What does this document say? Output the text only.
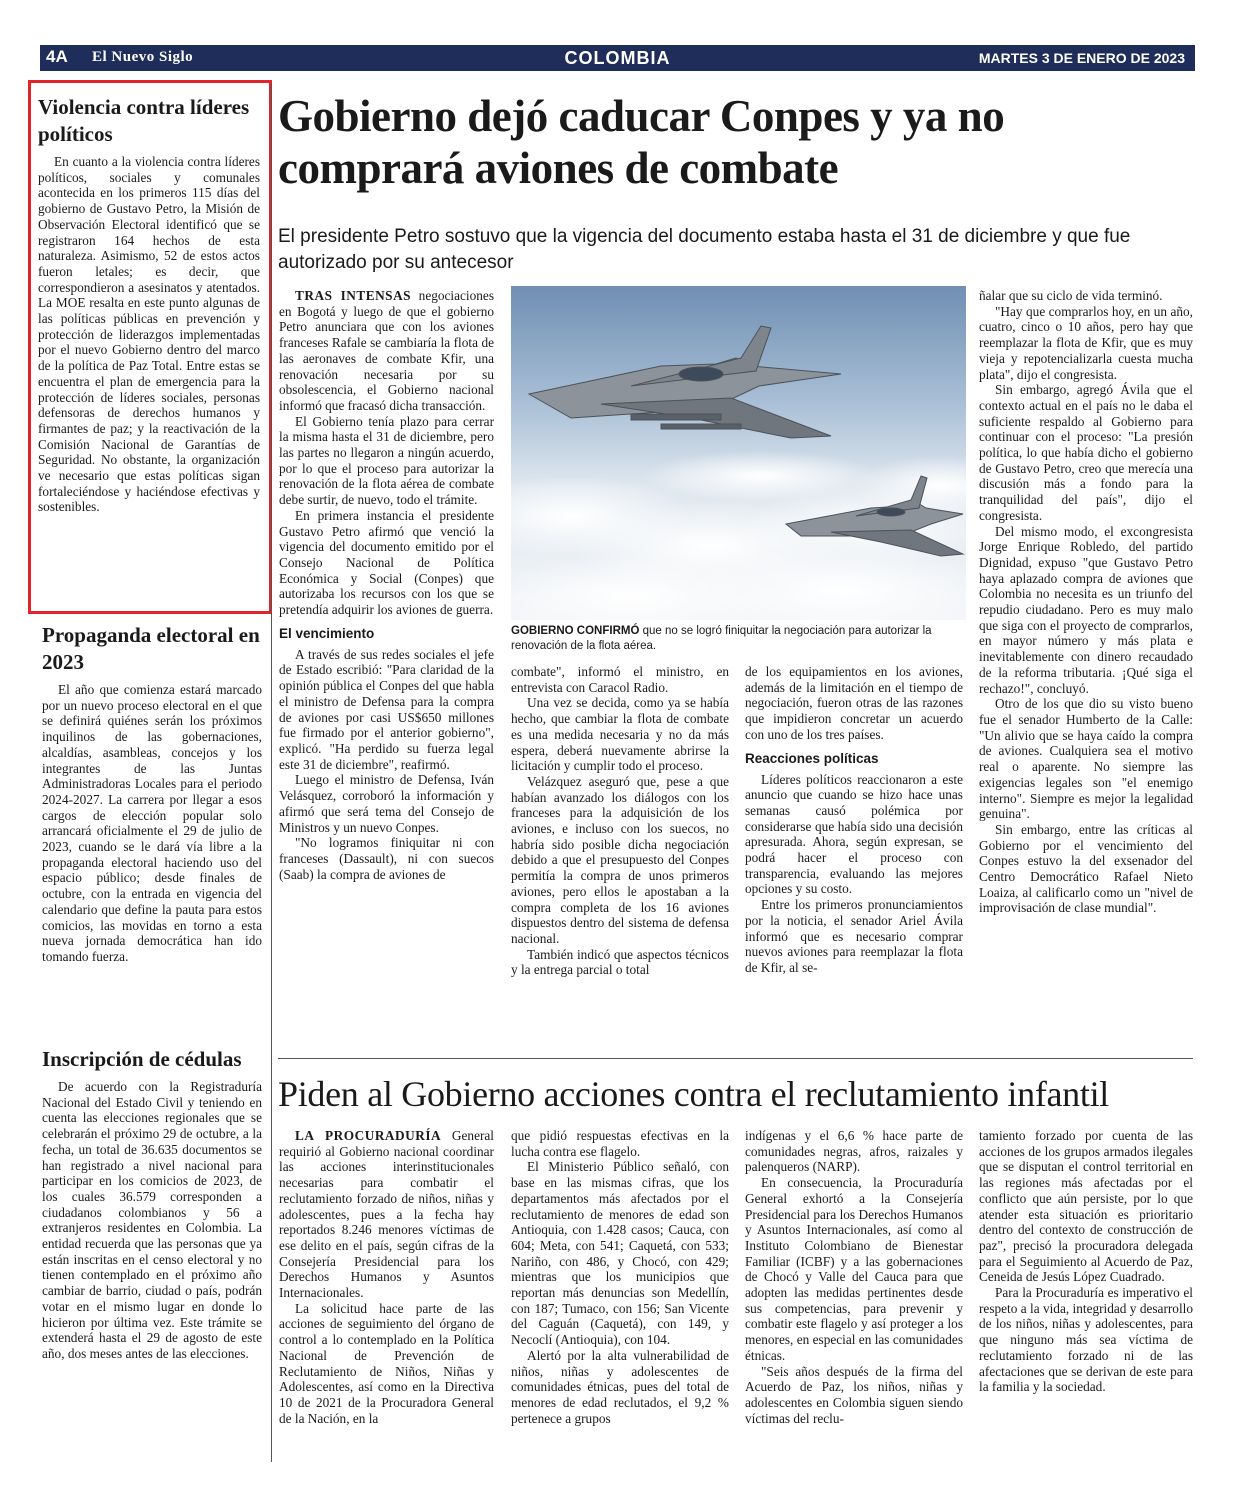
4A El Nuevo Siglo	COLOMBIA	MARTES 3 DE ENERO DE 2023
Violencia contra líderes políticos

En cuanto a la violencia contra líderes políticos, sociales y comunales acontecida en los primeros 115 días del gobierno de Gustavo Petro, la Misión de Observación Electoral identificó que se registraron 164 hechos de esta naturaleza. Asimismo, 52 de estos actos fueron letales; es decir, que correspondieron a asesinatos y atentados. La MOE resalta en este punto algunas de las políticas públicas en prevención y protección de liderazgos implementadas por el nuevo Gobierno dentro del marco de la política de Paz Total. Entre estas se encuentra el plan de emergencia para la protección de líderes sociales, personas defensoras de derechos humanos y firmantes de paz; y la reactivación de la Comisión Nacional de Garantías de Seguridad. No obstante, la organización ve necesario que estas políticas sigan fortaleciéndose y haciéndose efectivas y sostenibles.

Propaganda electoral en 2023

El año que comienza estará marcado por un nuevo proceso electoral en el que se definirá quiénes serán los próximos inquilinos de las gobernaciones, alcaldías, asambleas, concejos y los integrantes de las Juntas Administradoras Locales para el periodo 2024-2027. La carrera por llegar a esos cargos de elección popular solo arrancará oficialmente el 29 de julio de 2023, cuando se le dará vía libre a la propaganda electoral haciendo uso del espacio público; desde finales de octubre, con la entrada en vigencia del calendario que define la pauta para estos comicios, las movidas en torno a esta nueva jornada democrática han ido tomando fuerza.

Inscripción de cédulas

De acuerdo con la Registraduría Nacional del Estado Civil y teniendo en cuenta las elecciones regionales que se celebrarán el próximo 29 de octubre, a la fecha, un total de 36.635 documentos se han registrado a nivel nacional para participar en los comicios de 2023, de los cuales 36.579 corresponden a ciudadanos colombianos y 56 a extranjeros residentes en Colombia. La entidad recuerda que las personas que ya están inscritas en el censo electoral y no tienen contemplado en el próximo año cambiar de barrio, ciudad o país, podrán votar en el mismo lugar en donde lo hicieron por última vez. Este trámite se extenderá hasta el 29 de agosto de este año, dos meses antes de las elecciones.

Gobierno dejó caducar Conpes y ya no comprará aviones de combate
El presidente Petro sostuvo que la vigencia del documento estaba hasta el 31 de diciembre y que fue autorizado por su antecesor
GOBIERNO CONFIRMÓ que no se logró finiquitar la negociación para autorizar la renovación de la flota aérea.

TRAS INTENSAS negociaciones en Bogotá y luego de que el gobierno Petro anunciara que con los aviones franceses Rafale se cambiaría la flota de las aeronaves de combate Kfir, una renovación necesaria por su obsolescencia, el Gobierno nacional informó que fracasó dicha transacción.

El Gobierno tenía plazo para cerrar la misma hasta el 31 de diciembre, pero las partes no llegaron a ningún acuerdo, por lo que el proceso para autorizar la renovación de la flota aérea de combate debe surtir, de nuevo, todo el trámite.

En primera instancia el presidente Gustavo Petro afirmó que venció la vigencia del documento emitido por el Consejo Nacional de Política Económica y Social (Conpes) que autorizaba los recursos con los que se pretendía adquirir los aviones de guerra.

El vencimiento

A través de sus redes sociales el jefe de Estado escribió: "Para claridad de la opinión pública el Conpes del que habla el ministro de Defensa para la compra de aviones por casi US$650 millones fue firmado por el anterior gobierno", explicó. "Ha perdido su fuerza legal este 31 de diciembre", reafirmó.

Luego el ministro de Defensa, Iván Velásquez, corroboró la información y afirmó que será tema del Consejo de Ministros y un nuevo Conpes.

"No logramos finiquitar ni con franceses (Dassault), ni con suecos (Saab) la compra de aviones de

combate", informó el ministro, en entrevista con Caracol Radio.

Una vez se decida, como ya se había hecho, que cambiar la flota de combate es una medida necesaria y no da más espera, deberá nuevamente abrirse la licitación y cumplir todo el proceso.

Velázquez aseguró que, pese a que habían avanzado los diálogos con los franceses para la adquisición de los aviones, e incluso con los suecos, no habría sido posible dicha negociación debido a que el presupuesto del Conpes permitía la compra de unos primeros aviones, pero ellos le apostaban a la compra completa de los 16 aviones dispuestos dentro del sistema de defensa nacional.

También indicó que aspectos técnicos y la entrega parcial o total

de los equipamientos en los aviones, además de la limitación en el tiempo de negociación, fueron otras de las razones que impidieron concretar un acuerdo con uno de los tres países.

Reacciones políticas

Líderes políticos reaccionaron a este anuncio que cuando se hizo hace unas semanas causó polémica por considerarse que había sido una decisión apresurada. Ahora, según expresan, se podrá hacer el proceso con transparencia, evaluando las mejores opciones y su costo.

Entre los primeros pronunciamientos por la noticia, el senador Ariel Ávila informó que es necesario comprar nuevos aviones para reemplazar la flota de Kfir, al se-

ñalar que su ciclo de vida terminó.

"Hay que comprarlos hoy, en un año, cuatro, cinco o 10 años, pero hay que reemplazar la flota de Kfir, que es muy vieja y repotencializarla cuesta mucha plata", dijo el congresista.

Sin embargo, agregó Ávila que el contexto actual en el país no le daba el suficiente respaldo al Gobierno para continuar con el proceso: "La presión política, lo que había dicho el gobierno de Gustavo Petro, creo que merecía una discusión más a fondo para la tranquilidad del país", dijo el congresista.

Del mismo modo, el excongresista Jorge Enrique Robledo, del partido Dignidad, expuso "que Gustavo Petro haya aplazado compra de aviones que Colombia no necesita es un triunfo del repudio ciudadano. Pero es muy malo que siga con el proyecto de comprarlos, en mayor número y más plata e inevitablemente con dinero recaudado de la reforma tributaria. ¡Qué siga el rechazo!", concluyó.

Otro de los que dio su visto bueno fue el senador Humberto de la Calle: "Un alivio que se haya caído la compra de aviones. Cualquiera sea el motivo real o aparente. No siempre las exigencias legales son "el enemigo interno". Siempre es mejor la legalidad genuina".

Sin embargo, entre las críticas al Gobierno por el vencimiento del Conpes estuvo la del exsenador del Centro Democrático Rafael Nieto Loaiza, al calificarlo como un "nivel de improvisación de clase mundial".

Piden al Gobierno acciones contra el reclutamiento infantil

LA PROCURADURÍA General requirió al Gobierno nacional coordinar las acciones interinstitucionales necesarias para combatir el reclutamiento forzado de niños, niñas y adolescentes, pues a la fecha hay reportados 8.246 menores víctimas de ese delito en el país, según cifras de la Consejería Presidencial para los Derechos Humanos y Asuntos Internacionales.

La solicitud hace parte de las acciones de seguimiento del órgano de control a lo contemplado en la Política Nacional de Prevención de Reclutamiento de Niños, Niñas y Adolescentes, así como en la Directiva 10 de 2021 de la Procuradora General de la Nación, en la

que pidió respuestas efectivas en la lucha contra ese flagelo.

El Ministerio Público señaló, con base en las mismas cifras, que los departamentos más afectados por el reclutamiento de menores de edad son Antioquia, con 1.428 casos; Cauca, con 604; Meta, con 541; Caquetá, con 533; Nariño, con 486, y Chocó, con 429; mientras que los municipios que reportan más denuncias son Medellín, con 187; Tumaco, con 156; San Vicente del Caguán (Caquetá), con 149, y Necoclí (Antioquia), con 104.

Alertó por la alta vulnerabilidad de niños, niñas y adolescentes de comunidades étnicas, pues del total de menores de edad reclutados, el 9,2 % pertenece a grupos

indígenas y el 6,6 % hace parte de comunidades negras, afros, raizales y palenqueros (NARP).

En consecuencia, la Procuraduría General exhortó a la Consejería Presidencial para los Derechos Humanos y Asuntos Internacionales, así como al Instituto Colombiano de Bienestar Familiar (ICBF) y a las gobernaciones de Chocó y Valle del Cauca para que adopten las medidas pertinentes desde sus competencias, para prevenir y combatir este flagelo y así proteger a los menores, en especial en las comunidades étnicas.

"Seis años después de la firma del Acuerdo de Paz, los niños, niñas y adolescentes en Colombia siguen siendo víctimas del reclu-

tamiento forzado por cuenta de las acciones de los grupos armados ilegales que se disputan el control territorial en las regiones más afectadas por el conflicto que aún persiste, por lo que atender esta situación es prioritario dentro del contexto de construcción de paz", precisó la procuradora delegada para el Seguimiento al Acuerdo de Paz, Ceneida de Jesús López Cuadrado.

Para la Procuraduría es imperativo el respeto a la vida, integridad y desarrollo de los niños, niñas y adolescentes, para que ninguno más sea víctima de reclutamiento forzado ni de las afectaciones que se derivan de este para la familia y la sociedad.
